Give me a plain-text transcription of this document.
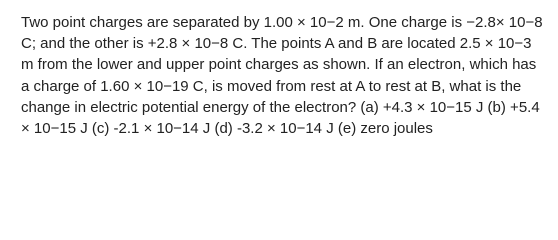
Two point charges are separated by 1.00 × 10−2 m. One charge is −2.8× 10−8 C; and the other is +2.8 × 10−8 C. The points A and B are located 2.5 × 10−3 m from the lower and upper point charges as shown. If an electron, which has a charge of 1.60 × 10−19 C, is moved from rest at A to rest at B, what is the change in electric potential energy of the electron? (a) +4.3 × 10−15 J (b) +5.4 × 10−15 J (c) -2.1 × 10−14 J (d) -3.2 × 10−14 J (e) zero joules
